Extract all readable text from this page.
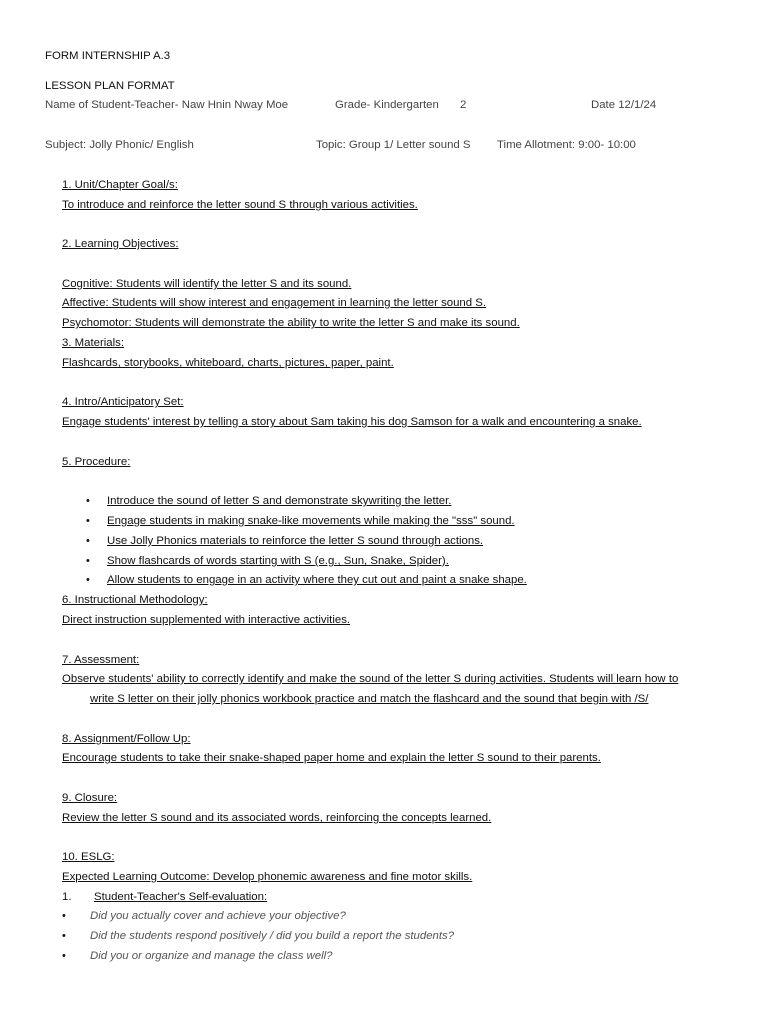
FORM INTERNSHIP A.3
LESSON PLAN FORMAT
Name of Student-Teacher- Naw Hnin Nway Moe	Grade- Kindergarten 2	Date 12/1/24
Subject: Jolly Phonic/ English	Topic: Group 1/ Letter sound S Time Allotment: 9:00- 10:00
1. Unit/Chapter Goal/s:
To introduce and reinforce the letter sound S through various activities.
2. Learning Objectives:
Cognitive: Students will identify the letter S and its sound.
Affective: Students will show interest and engagement in learning the letter sound S.
Psychomotor: Students will demonstrate the ability to write the letter S and make its sound.
3. Materials:
Flashcards, storybooks, whiteboard, charts, pictures, paper, paint.
4. Intro/Anticipatory Set:
Engage students' interest by telling a story about Sam taking his dog Samson for a walk and encountering a snake.
5. Procedure:
• Introduce the sound of letter S and demonstrate skywriting the letter.
• Engage students in making snake-like movements while making the "sss" sound.
• Use Jolly Phonics materials to reinforce the letter S sound through actions.
• Show flashcards of words starting with S (e.g., Sun, Snake, Spider).
• Allow students to engage in an activity where they cut out and paint a snake shape.
6. Instructional Methodology:
Direct instruction supplemented with interactive activities.
7. Assessment:
Observe students' ability to correctly identify and make the sound of the letter S during activities. Students will learn how to
write S letter on their jolly phonics workbook practice and match the flashcard and the sound that begin with /S/
8. Assignment/Follow Up:
Encourage students to take their snake-shaped paper home and explain the letter S sound to their parents.
9. Closure:
Review the letter S sound and its associated words, reinforcing the concepts learned.
10. ESLG:
Expected Learning Outcome: Develop phonemic awareness and fine motor skills.
1. Student-Teacher's Self-evaluation:
• Did you actually cover and achieve your objective?
• Did the students respond positively / did you build a report the students?
• Did you or organize and manage the class well?
